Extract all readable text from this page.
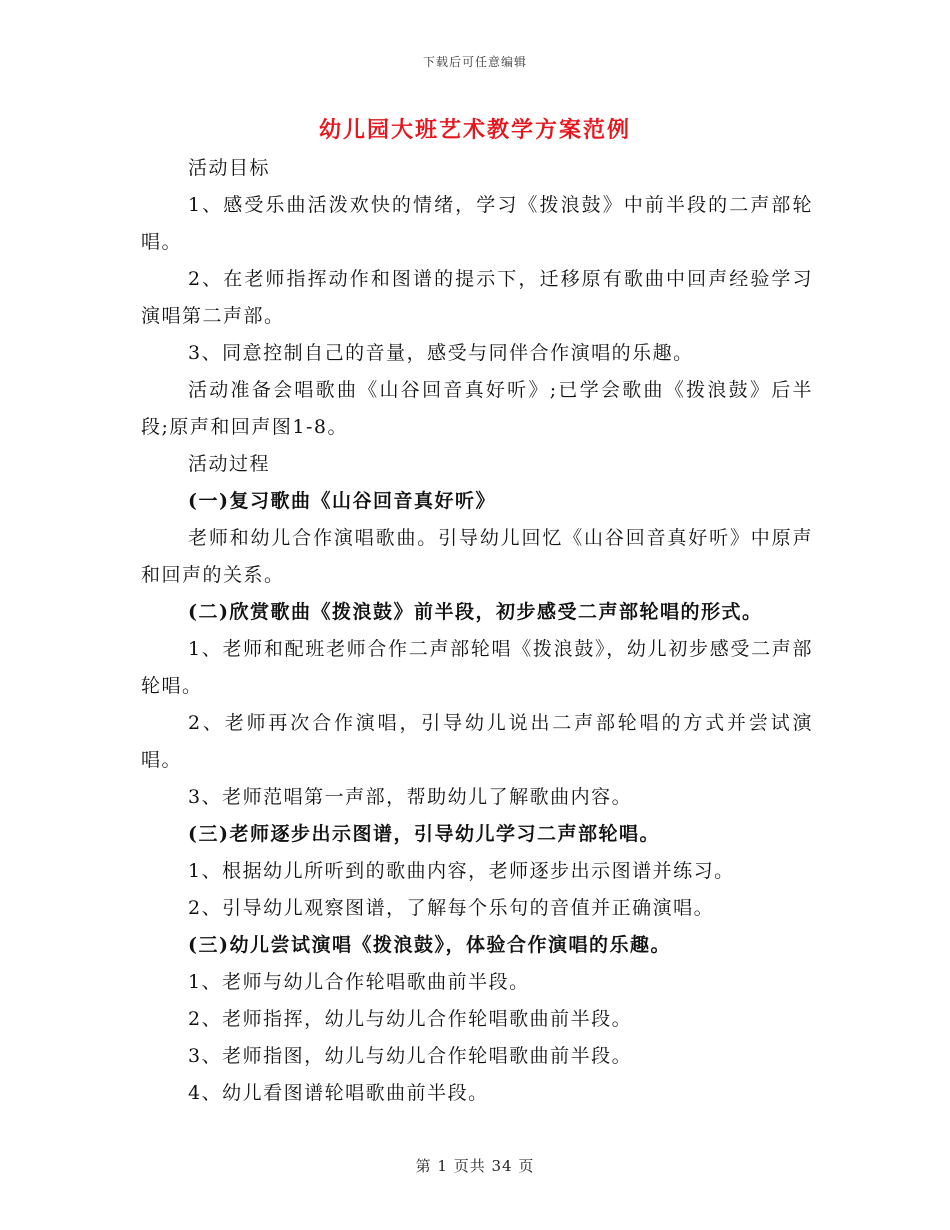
下载后可任意编辑
幼儿园大班艺术教学方案范例

活动目标

1、感受乐曲活泼欢快的情绪，学习《拨浪鼓》中前半段的二声部轮唱。

2、在老师指挥动作和图谱的提示下，迁移原有歌曲中回声经验学习演唱第二声部。

3、同意控制自己的音量，感受与同伴合作演唱的乐趣。

活动准备会唱歌曲《山谷回音真好听》;已学会歌曲《拨浪鼓》后半段;原声和回声图1-8。

活动过程

(一)复习歌曲《山谷回音真好听》

老师和幼儿合作演唱歌曲。引导幼儿回忆《山谷回音真好听》中原声和回声的关系。

(二)欣赏歌曲《拨浪鼓》前半段，初步感受二声部轮唱的形式。

1、老师和配班老师合作二声部轮唱《拨浪鼓》，幼儿初步感受二声部轮唱。

2、老师再次合作演唱，引导幼儿说出二声部轮唱的方式并尝试演唱。

3、老师范唱第一声部，帮助幼儿了解歌曲内容。

(三)老师逐步出示图谱，引导幼儿学习二声部轮唱。

1、根据幼儿所听到的歌曲内容，老师逐步出示图谱并练习。

2、引导幼儿观察图谱，了解每个乐句的音值并正确演唱。

(三)幼儿尝试演唱《拨浪鼓》，体验合作演唱的乐趣。

1、老师与幼儿合作轮唱歌曲前半段。

2、老师指挥，幼儿与幼儿合作轮唱歌曲前半段。

3、老师指图，幼儿与幼儿合作轮唱歌曲前半段。

4、幼儿看图谱轮唱歌曲前半段。

第 1 页共 34 页
